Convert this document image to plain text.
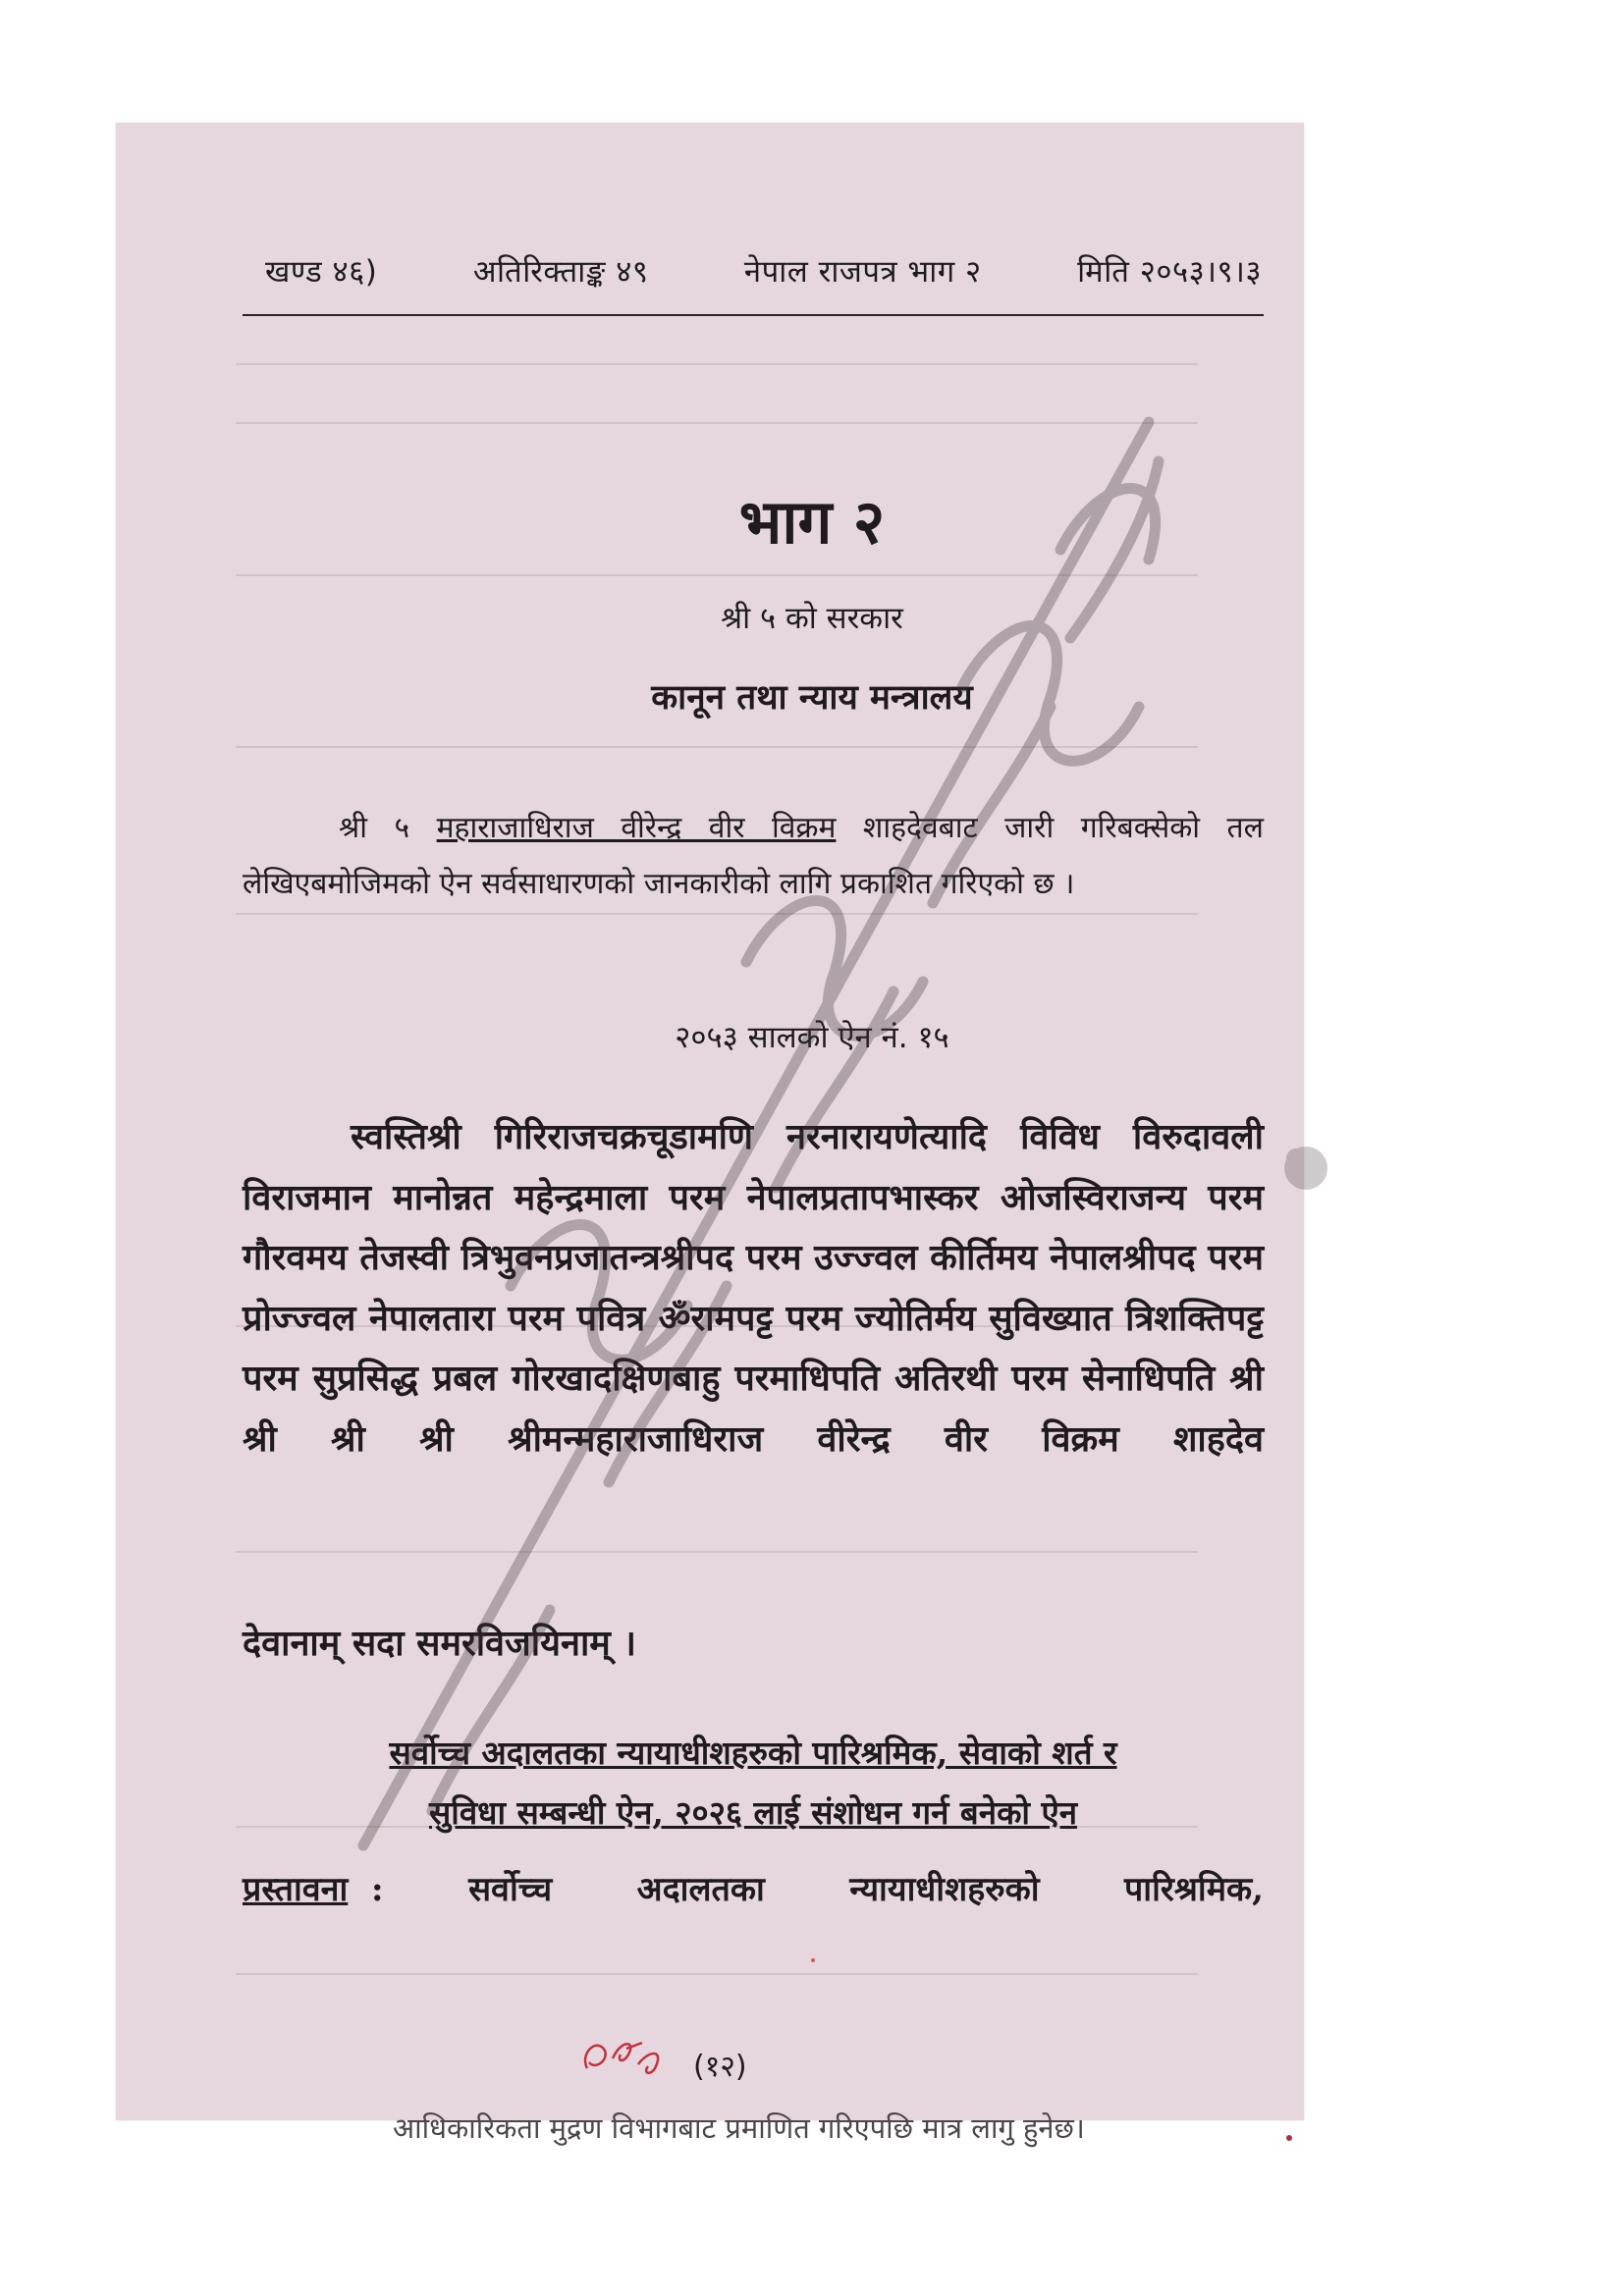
खण्ड ४६)	अतिरिक्ताङ्क ४९	नेपाल राजपत्र भाग २	मिति २०५३।९।३
भाग २
श्री ५ को सरकार
कानून तथा न्याय मन्त्रालय
श्री ५ महाराजाधिराज वीरेन्द्र वीर विक्रम शाहदेवबाट जारी गरिबक्सेको तल लेखिएबमोजिमको ऐन सर्वसाधारणको जानकारीको लागि प्रकाशित गरिएको छ ।
२०५३ सालको ऐन नं. १५
स्वस्तिश्री गिरिराजचक्रचूडामणि नरनारायणेत्यादि विविध विरुदावली विराजमान मानोन्नत महेन्द्रमाला परम नेपालप्रतापभास्कर ओजस्विराजन्य परम गौरवमय तेजस्वी त्रिभुवनप्रजातन्त्रश्रीपद परम उज्ज्वल कीर्तिमय नेपालश्रीपद परम प्रोज्ज्वल नेपालतारा परम पवित्र ॐरामपट्ट परम ज्योतिर्मय सुविख्यात त्रिशक्तिपट्ट परम सुप्रसिद्ध प्रबल गोरखादक्षिणबाहु परमाधिपति अतिरथी परम सेनाधिपति श्री श्री श्री श्री श्रीमन्महाराजाधिराज वीरेन्द्र वीर विक्रम शाहदेव
देवानाम् सदा समरविजयिनाम् ।
सर्वोच्च अदालतका न्यायाधीशहरुको पारिश्रमिक, सेवाको शर्त र
सुविधा सम्बन्धी ऐन, २०२६ लाई संशोधन गर्न बनेको ऐन
प्रस्तावना :	सर्वोच्च	अदालतका	न्यायाधीशहरुको	पारिश्रमिक,
(१२)
आधिकारिकता मुद्रण विभागबाट प्रमाणित गरिएपछि मात्र लागु हुनेछ।
